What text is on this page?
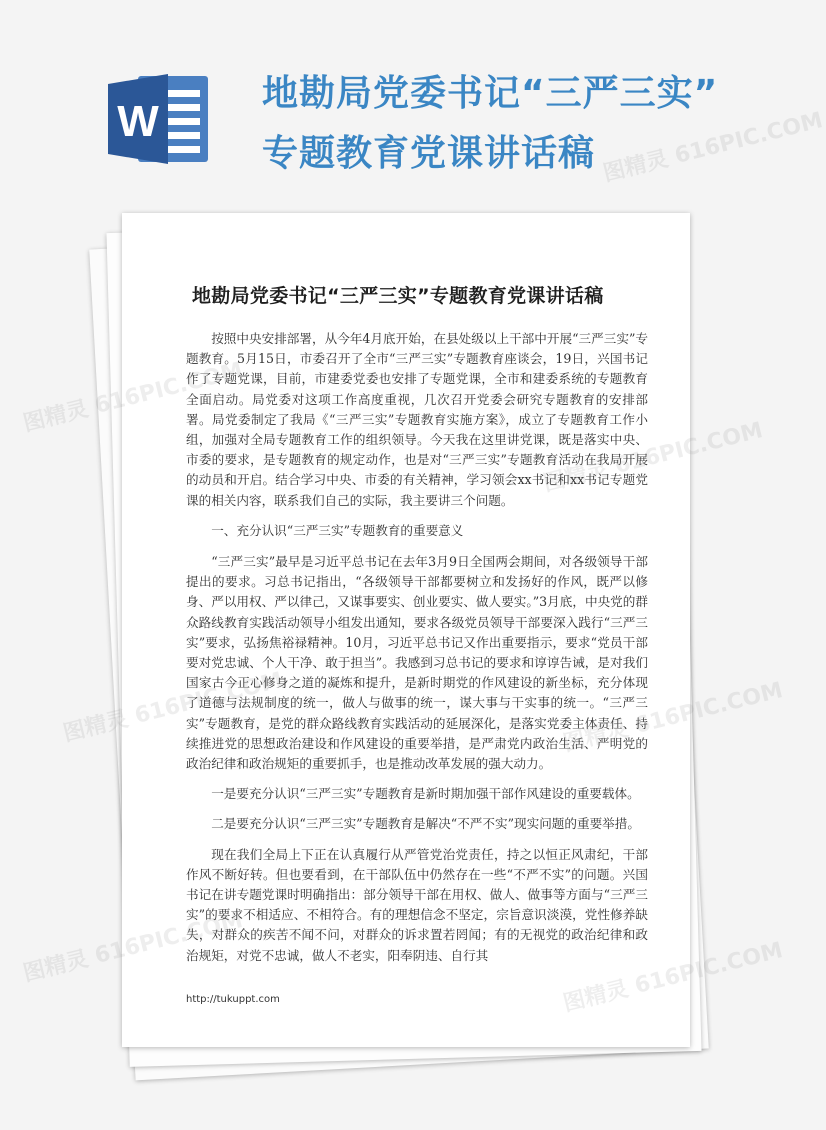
W
地勘局党委书记“三严三实”
专题教育党课讲话稿
地勘局党委书记“三严三实”专题教育党课讲话稿

按照中央安排部署，从今年4月底开始，在县处级以上干部中开展“三严三实”专题教育。5月15日，市委召开了全市“三严三实”专题教育座谈会，19日，兴国书记作了专题党课，目前，市建委党委也安排了专题党课，全市和建委系统的专题教育全面启动。局党委对这项工作高度重视，几次召开党委会研究专题教育的安排部署。局党委制定了我局《“三严三实”专题教育实施方案》，成立了专题教育工作小组，加强对全局专题教育工作的组织领导。今天我在这里讲党课，既是落实中央、市委的要求，是专题教育的规定动作，也是对“三严三实”专题教育活动在我局开展的动员和开启。结合学习中央、市委的有关精神，学习领会xx书记和xx书记专题党课的相关内容，联系我们自己的实际，我主要讲三个问题。

一、充分认识“三严三实”专题教育的重要意义

“三严三实”最早是习近平总书记在去年3月9日全国两会期间，对各级领导干部提出的要求。习总书记指出，“各级领导干部都要树立和发扬好的作风，既严以修身、严以用权、严以律己，又谋事要实、创业要实、做人要实。”3月底，中央党的群众路线教育实践活动领导小组发出通知，要求各级党员领导干部要深入践行“三严三实”要求，弘扬焦裕禄精神。10月，习近平总书记又作出重要指示，要求“党员干部要对党忠诚、个人干净、敢于担当”。我感到习总书记的要求和谆谆告诫，是对我们国家古今正心修身之道的凝炼和提升，是新时期党的作风建设的新坐标，充分体现了道德与法规制度的统一，做人与做事的统一，谋大事与干实事的统一。“三严三实”专题教育，是党的群众路线教育实践活动的延展深化，是落实党委主体责任、持续推进党的思想政治建设和作风建设的重要举措，是严肃党内政治生活、严明党的政治纪律和政治规矩的重要抓手，也是推动改革发展的强大动力。

一是要充分认识“三严三实”专题教育是新时期加强干部作风建设的重要载体。

二是要充分认识“三严三实”专题教育是解决“不严不实”现实问题的重要举措。

现在我们全局上下正在认真履行从严管党治党责任，持之以恒正风肃纪，干部作风不断好转。但也要看到，在干部队伍中仍然存在一些“不严不实”的问题。兴国书记在讲专题党课时明确指出：部分领导干部在用权、做人、做事等方面与“三严三实”的要求不相适应、不相符合。有的理想信念不坚定，宗旨意识淡漠，党性修养缺失，对群众的疾苦不闻不问，对群众的诉求置若罔闻；有的无视党的政治纪律和政治规矩，对党不忠诚，做人不老实，阳奉阴违、自行其

http://tukuppt.com
图精灵 616PIC.COM
图精灵
图精灵	616PIC.COM
图精灵	616PIC.COM
